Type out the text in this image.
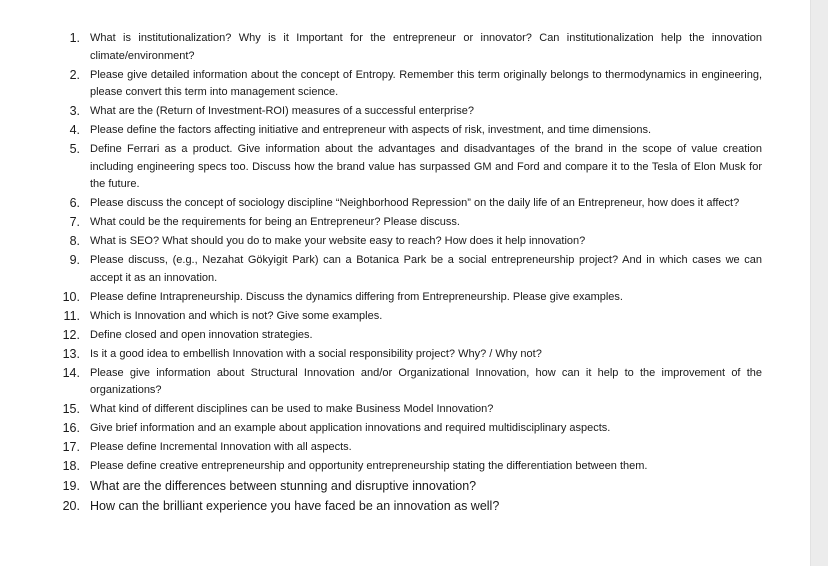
1. What is institutionalization? Why is it Important for the entrepreneur or innovator? Can institutionalization help the innovation climate/environment?
2. Please give detailed information about the concept of Entropy. Remember this term originally belongs to thermodynamics in engineering, please convert this term into management science.
3. What are the (Return of Investment-ROI) measures of a successful enterprise?
4. Please define the factors affecting initiative and entrepreneur with aspects of risk, investment, and time dimensions.
5. Define Ferrari as a product. Give information about the advantages and disadvantages of the brand in the scope of value creation including engineering specs too. Discuss how the brand value has surpassed GM and Ford and compare it to the Tesla of Elon Musk for the future.
6. Please discuss the concept of sociology discipline “Neighborhood Repression” on the daily life of an Entrepreneur, how does it affect?
7. What could be the requirements for being an Entrepreneur? Please discuss.
8. What is SEO? What should you do to make your website easy to reach? How does it help innovation?
9. Please discuss, (e.g., Nezahat Gökyigit Park) can a Botanica Park be a social entrepreneurship project? And in which cases we can accept it as an innovation.
10. Please define Intrapreneurship. Discuss the dynamics differing from Entrepreneurship. Please give examples.
11. Which is Innovation and which is not? Give some examples.
12. Define closed and open innovation strategies.
13. Is it a good idea to embellish Innovation with a social responsibility project? Why? / Why not?
14. Please give information about Structural Innovation and/or Organizational Innovation, how can it help to the improvement of the organizations?
15. What kind of different disciplines can be used to make Business Model Innovation?
16. Give brief information and an example about application innovations and required multidisciplinary aspects.
17. Please define Incremental Innovation with all aspects.
18. Please define creative entrepreneurship and opportunity entrepreneurship stating the differentiation between them.
19. What are the differences between stunning and disruptive innovation?
20. How can the brilliant experience you have faced be an innovation as well?
